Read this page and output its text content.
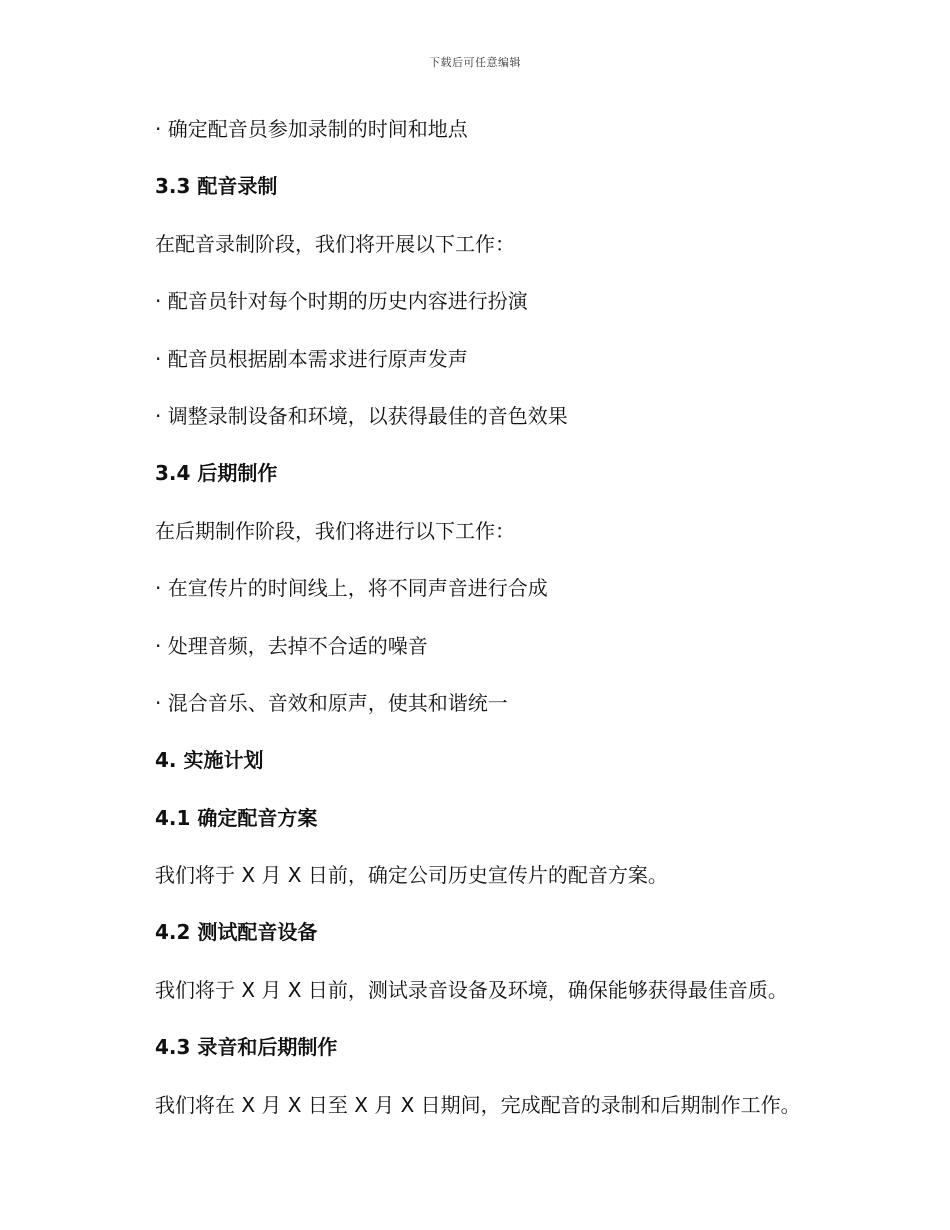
下载后可任意编辑
· 确定配音员参加录制的时间和地点
3.3 配音录制
在配音录制阶段，我们将开展以下工作：
· 配音员针对每个时期的历史内容进行扮演
· 配音员根据剧本需求进行原声发声
· 调整录制设备和环境，以获得最佳的音色效果
3.4 后期制作
在后期制作阶段，我们将进行以下工作：
· 在宣传片的时间线上，将不同声音进行合成
· 处理音频，去掉不合适的噪音
· 混合音乐、音效和原声，使其和谐统一
4. 实施计划
4.1 确定配音方案
我们将于 X 月 X 日前，确定公司历史宣传片的配音方案。
4.2 测试配音设备
我们将于 X 月 X 日前，测试录音设备及环境，确保能够获得最佳音质。
4.3 录音和后期制作
我们将在 X 月 X 日至 X 月 X 日期间，完成配音的录制和后期制作工作。
